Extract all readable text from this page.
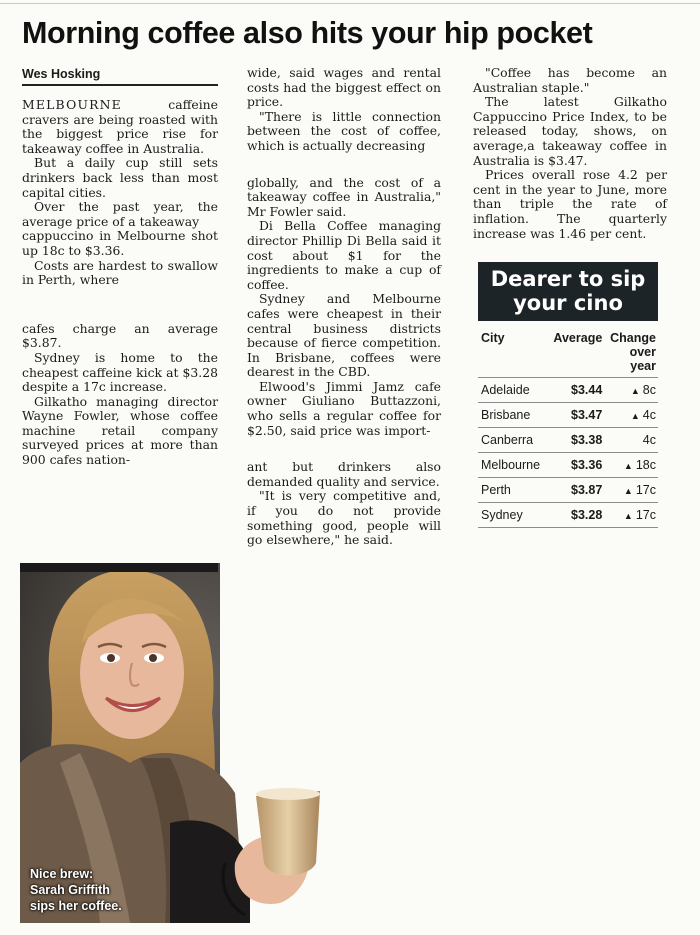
Morning coffee also hits your hip pocket
Wes Hosking

MELBOURNE caffeine cravers are being roasted with the biggest price rise for takeaway coffee in Australia.

But a daily cup still sets drinkers back less than most capital cities.

Over the past year, the average price of a takeaway

cappuccino in Melbourne shot up 18c to $3.36.

Costs are hardest to swallow in Perth, where

cafes charge an average $3.87.

Sydney is home to the cheapest caffeine kick at $3.28 despite a 17c increase.

Gilkatho managing director Wayne Fowler, whose coffee machine retail company surveyed prices at more than 900 cafes nation-

wide, said wages and rental costs had the biggest effect on price.

"There is little connection between the cost of coffee, which is actually decreasing

globally, and the cost of a takeaway coffee in Australia," Mr Fowler said.

Di Bella Coffee managing director Phillip Di Bella said it cost about $1 for the ingredients to make a cup of coffee.

Sydney and Melbourne cafes were cheapest in their central business districts because of fierce competition. In Brisbane, coffees were dearest in the CBD.

Elwood's Jimmi Jamz cafe owner Giuliano Buttazzoni, who sells a regular coffee for $2.50, said price was import-

ant but drinkers also demanded quality and service.

"It is very competitive and, if you do not provide something good, people will go elsewhere," he said.

"Coffee has become an Australian staple."

The latest Gilkatho Cappuccino Price Index, to be released today, shows, on average,a takeaway coffee in Australia is $3.47.

Prices overall rose 4.2 per cent in the year to June, more than triple the rate of inflation. The quarterly increase was 1.46 per cent.

Dearer to sip
your cino
City	Average Change
over year
Adelaide	$3.44	▲ 8c
Brisbane	$3.47	▲ 4c
Canberra	$3.38	4c
Melbourne	$3.36	▲ 18c
Perth	$3.87	▲ 17c
Sydney	$3.28	▲ 17c
Nice brew:
Sarah Griffith
sips her coffee.
